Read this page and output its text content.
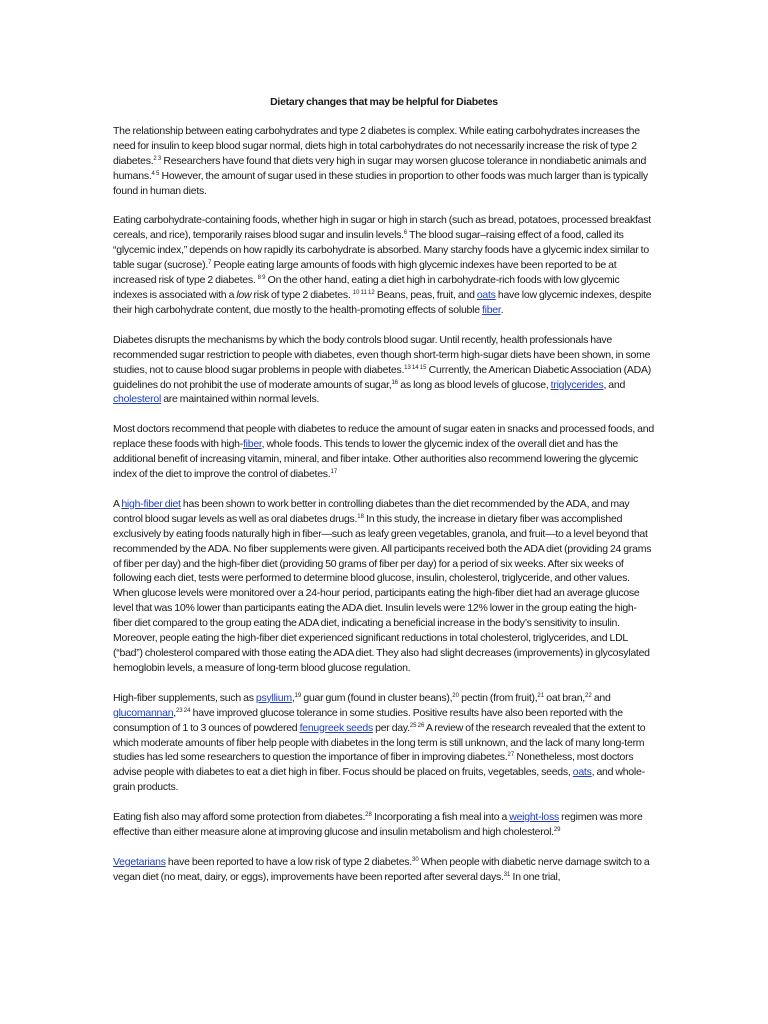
Dietary changes that may be helpful for Diabetes

The relationship between eating carbohydrates and type 2 diabetes is complex. While eating carbohydrates increases the need for insulin to keep blood sugar normal, diets high in total carbohydrates do not necessarily increase the risk of type 2 diabetes.$^{2 3}$ Researchers have found that diets very high in sugar may worsen glucose tolerance in nondiabetic animals and humans.$^{4 5}$ However, the amount of sugar used in these studies in proportion to other foods was much larger than is typically found in human diets.

Eating carbohydrate-containing foods, whether high in sugar or high in starch (such as bread, potatoes, processed breakfast cereals, and rice), temporarily raises blood sugar and insulin levels.$^6$ The blood sugar–raising effect of a food, called its “glycemic index,” depends on how rapidly its carbohydrate is absorbed. Many starchy foods have a glycemic index similar to table sugar (sucrose).$^7$ People eating large amounts of foods with high glycemic indexes have been reported to be at increased risk of type 2 diabetes. $^{8 9}$ On the other hand, eating a diet high in carbohydrate-rich foods with low glycemic indexes is associated with a low risk of type 2 diabetes. $^{10 11 12}$ Beans, peas, fruit, and oats have low glycemic indexes, despite their high carbohydrate content, due mostly to the health-promoting effects of soluble fiber.

Diabetes disrupts the mechanisms by which the body controls blood sugar. Until recently, health professionals have recommended sugar restriction to people with diabetes, even though short-term high-sugar diets have been shown, in some studies, not to cause blood sugar problems in people with diabetes.$^{13 14 15}$ Currently, the American Diabetic Association (ADA) guidelines do not prohibit the use of moderate amounts of sugar,$^{16}$ as long as blood levels of glucose, triglycerides, and cholesterol are maintained within normal levels.

Most doctors recommend that people with diabetes to reduce the amount of sugar eaten in snacks and processed foods, and replace these foods with high-fiber, whole foods. This tends to lower the glycemic index of the overall diet and has the additional benefit of increasing vitamin, mineral, and fiber intake. Other authorities also recommend lowering the glycemic index of the diet to improve the control of diabetes.$^{17}$

A high-fiber diet has been shown to work better in controlling diabetes than the diet recommended by the ADA, and may control blood sugar levels as well as oral diabetes drugs.$^{18}$ In this study, the increase in dietary fiber was accomplished exclusively by eating foods naturally high in fiber—such as leafy green vegetables, granola, and fruit—to a level beyond that recommended by the ADA. No fiber supplements were given. All participants received both the ADA diet (providing 24 grams of fiber per day) and the high-fiber diet (providing 50 grams of fiber per day) for a period of six weeks. After six weeks of following each diet, tests were performed to determine blood glucose, insulin, cholesterol, triglyceride, and other values. When glucose levels were monitored over a 24-hour period, participants eating the high-fiber diet had an average glucose level that was 10% lower than participants eating the ADA diet. Insulin levels were 12% lower in the group eating the high-fiber diet compared to the group eating the ADA diet, indicating a beneficial increase in the body’s sensitivity to insulin. Moreover, people eating the high-fiber diet experienced significant reductions in total cholesterol, triglycerides, and LDL (“bad”) cholesterol compared with those eating the ADA diet. They also had slight decreases (improvements) in glycosylated hemoglobin levels, a measure of long-term blood glucose regulation.

High-fiber supplements, such as psyllium,$^{19}$ guar gum (found in cluster beans),$^{20}$ pectin (from fruit),$^{21}$ oat bran,$^{22}$ and glucomannan,$^{23 24}$ have improved glucose tolerance in some studies. Positive results have also been reported with the consumption of 1 to 3 ounces of powdered fenugreek seeds per day.$^{25 26}$ A review of the research revealed that the extent to which moderate amounts of fiber help people with diabetes in the long term is still unknown, and the lack of many long-term studies has led some researchers to question the importance of fiber in improving diabetes.$^{27}$ Nonetheless, most doctors advise people with diabetes to eat a diet high in fiber. Focus should be placed on fruits, vegetables, seeds, oats, and whole-grain products.

Eating fish also may afford some protection from diabetes.$^{28}$ Incorporating a fish meal into a weight-loss regimen was more effective than either measure alone at improving glucose and insulin metabolism and high cholesterol.$^{29}$

Vegetarians have been reported to have a low risk of type 2 diabetes.$^{30}$ When people with diabetic nerve damage switch to a vegan diet (no meat, dairy, or eggs), improvements have been reported after several days.$^{31}$ In one trial,
